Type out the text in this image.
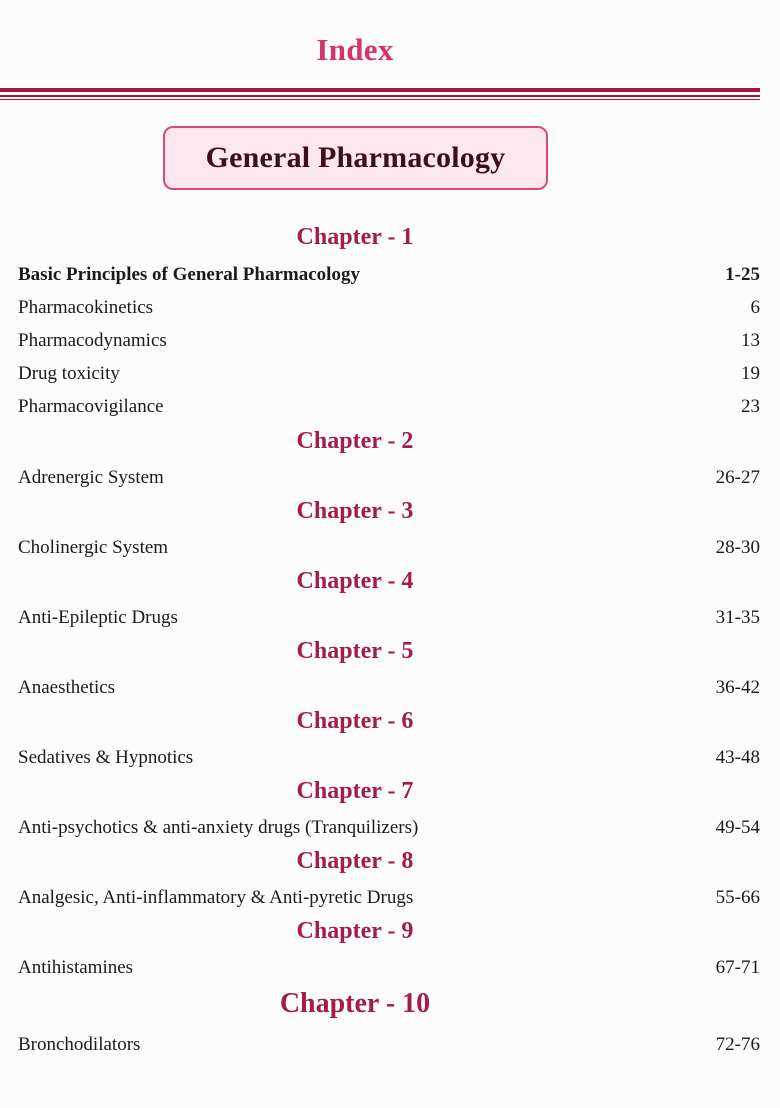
Index
General Pharmacology
Chapter - 1
Basic Principles of General Pharmacology	1-25
Pharmacokinetics	6
Pharmacodynamics	13
Drug toxicity	19
Pharmacovigilance	23
Chapter - 2
Adrenergic System	26-27
Chapter - 3
Cholinergic System	28-30
Chapter - 4
Anti-Epileptic Drugs	31-35
Chapter - 5
Anaesthetics	36-42
Chapter - 6
Sedatives & Hypnotics	43-48
Chapter - 7
Anti-psychotics & anti-anxiety drugs (Tranquilizers)	49-54
Chapter - 8
Analgesic, Anti-inflammatory & Anti-pyretic Drugs	55-66
Chapter - 9
Antihistamines	67-71
Chapter - 10
Bronchodilators	72-76
